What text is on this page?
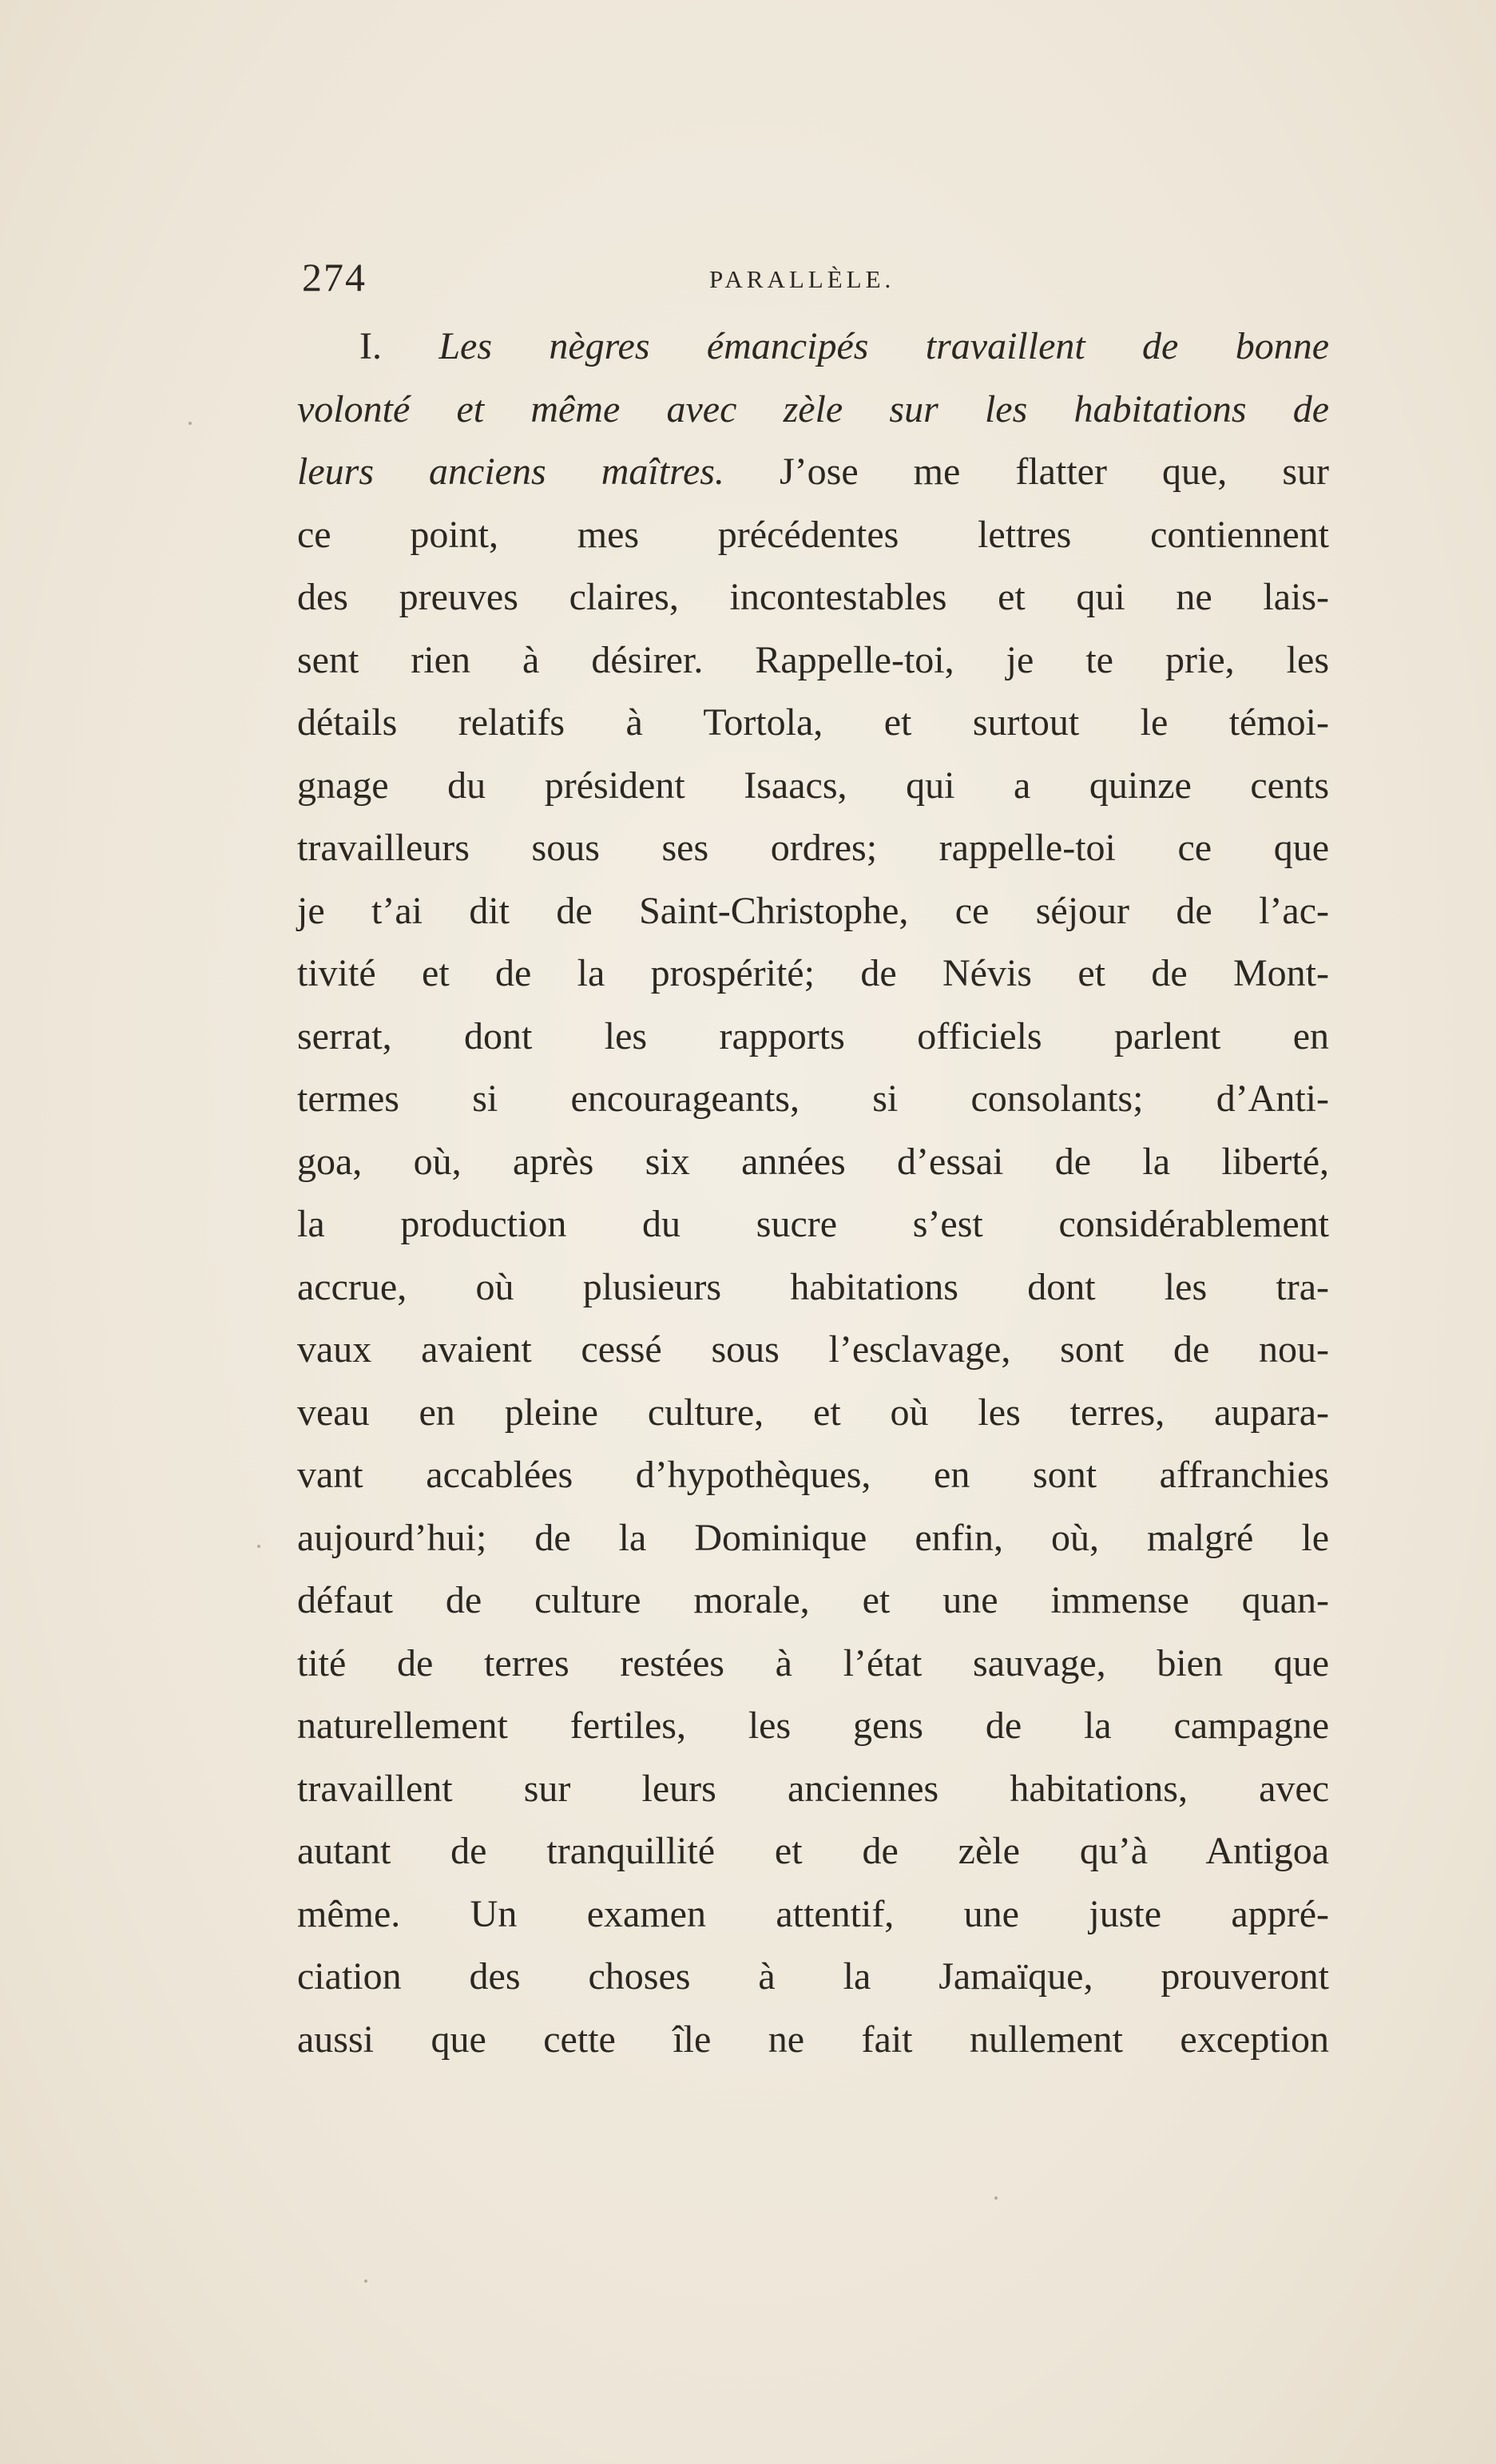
274	PARALLÈLE.
I. Les nègres émancipés travaillent de bonne
volonté et même avec zèle sur les habitations de
leurs anciens maîtres. J’ose me flatter que, sur
ce point, mes précédentes lettres contiennent
des preuves claires, incontestables et qui ne lais-
sent rien à désirer. Rappelle-toi, je te prie, les
détails relatifs à Tortola, et surtout le témoi-
gnage du président Isaacs, qui a quinze cents
travailleurs sous ses ordres; rappelle-toi ce que
je t’ai dit de Saint-Christophe, ce séjour de l’ac-
tivité et de la prospérité; de Névis et de Mont-
serrat, dont les rapports officiels parlent en
termes si encourageants, si consolants; d’Anti-
goa, où, après six années d’essai de la liberté,
la production du sucre s’est considérablement
accrue, où plusieurs habitations dont les tra-
vaux avaient cessé sous l’esclavage, sont de nou-
veau en pleine culture, et où les terres, aupara-
vant accablées d’hypothèques, en sont affranchies
aujourd’hui; de la Dominique enfin, où, malgré le
défaut de culture morale, et une immense quan-
tité de terres restées à l’état sauvage, bien que
naturellement fertiles, les gens de la campagne
travaillent sur leurs anciennes habitations, avec
autant de tranquillité et de zèle qu’à Antigoa
même. Un examen attentif, une juste appré-
ciation des choses à la Jamaïque, prouveront
aussi que cette île ne fait nullement exception
